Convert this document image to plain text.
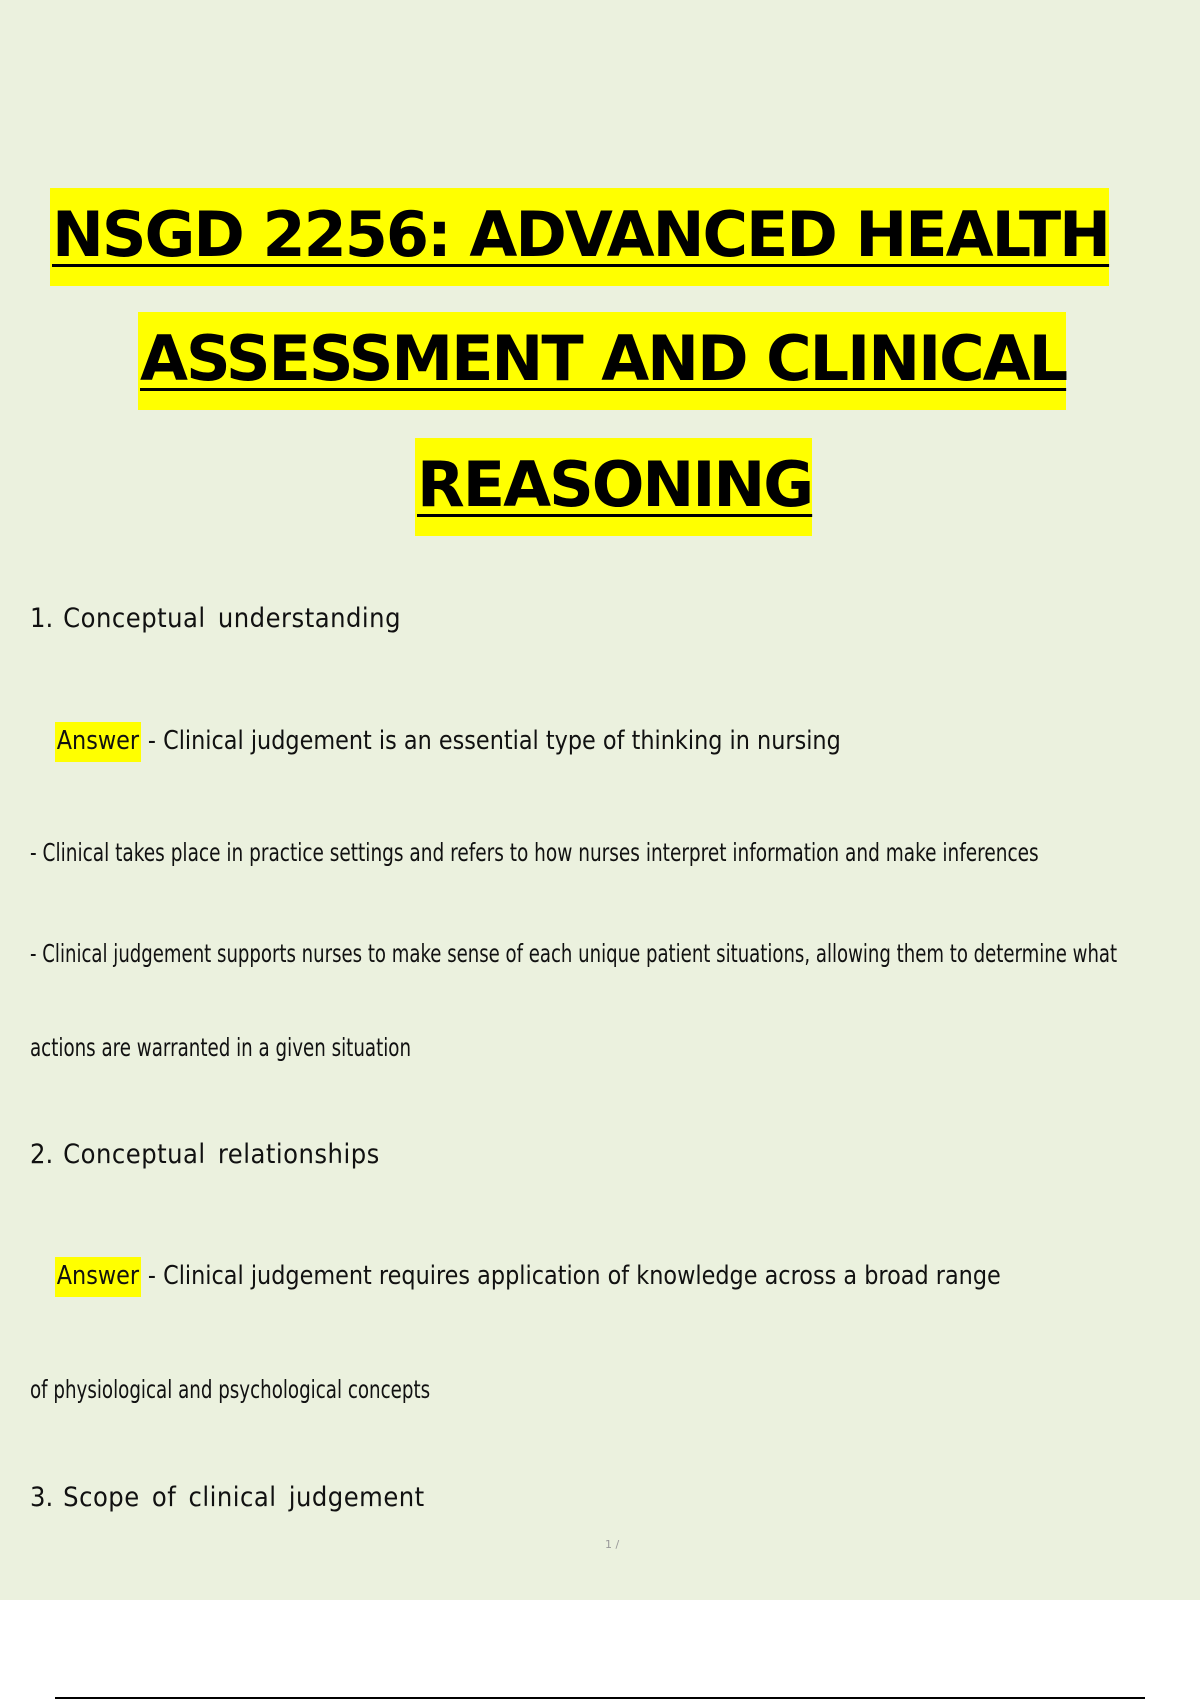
NSGD 2256: ADVANCED HEALTH
ASSESSMENT AND CLINICAL
REASONING
1. Conceptual understanding
Answer - Clinical judgement is an essential type of thinking in nursing
- Clinical takes place in practice settings and refers to how nurses interpret information and make inferences
- Clinical judgement supports nurses to make sense of each unique patient situations, allowing them to determine what
actions are warranted in a given situation
2. Conceptual relationships
Answer - Clinical judgement requires application of knowledge across a broad range
of physiological and psychological concepts
3. Scope of clinical judgement
1 /
